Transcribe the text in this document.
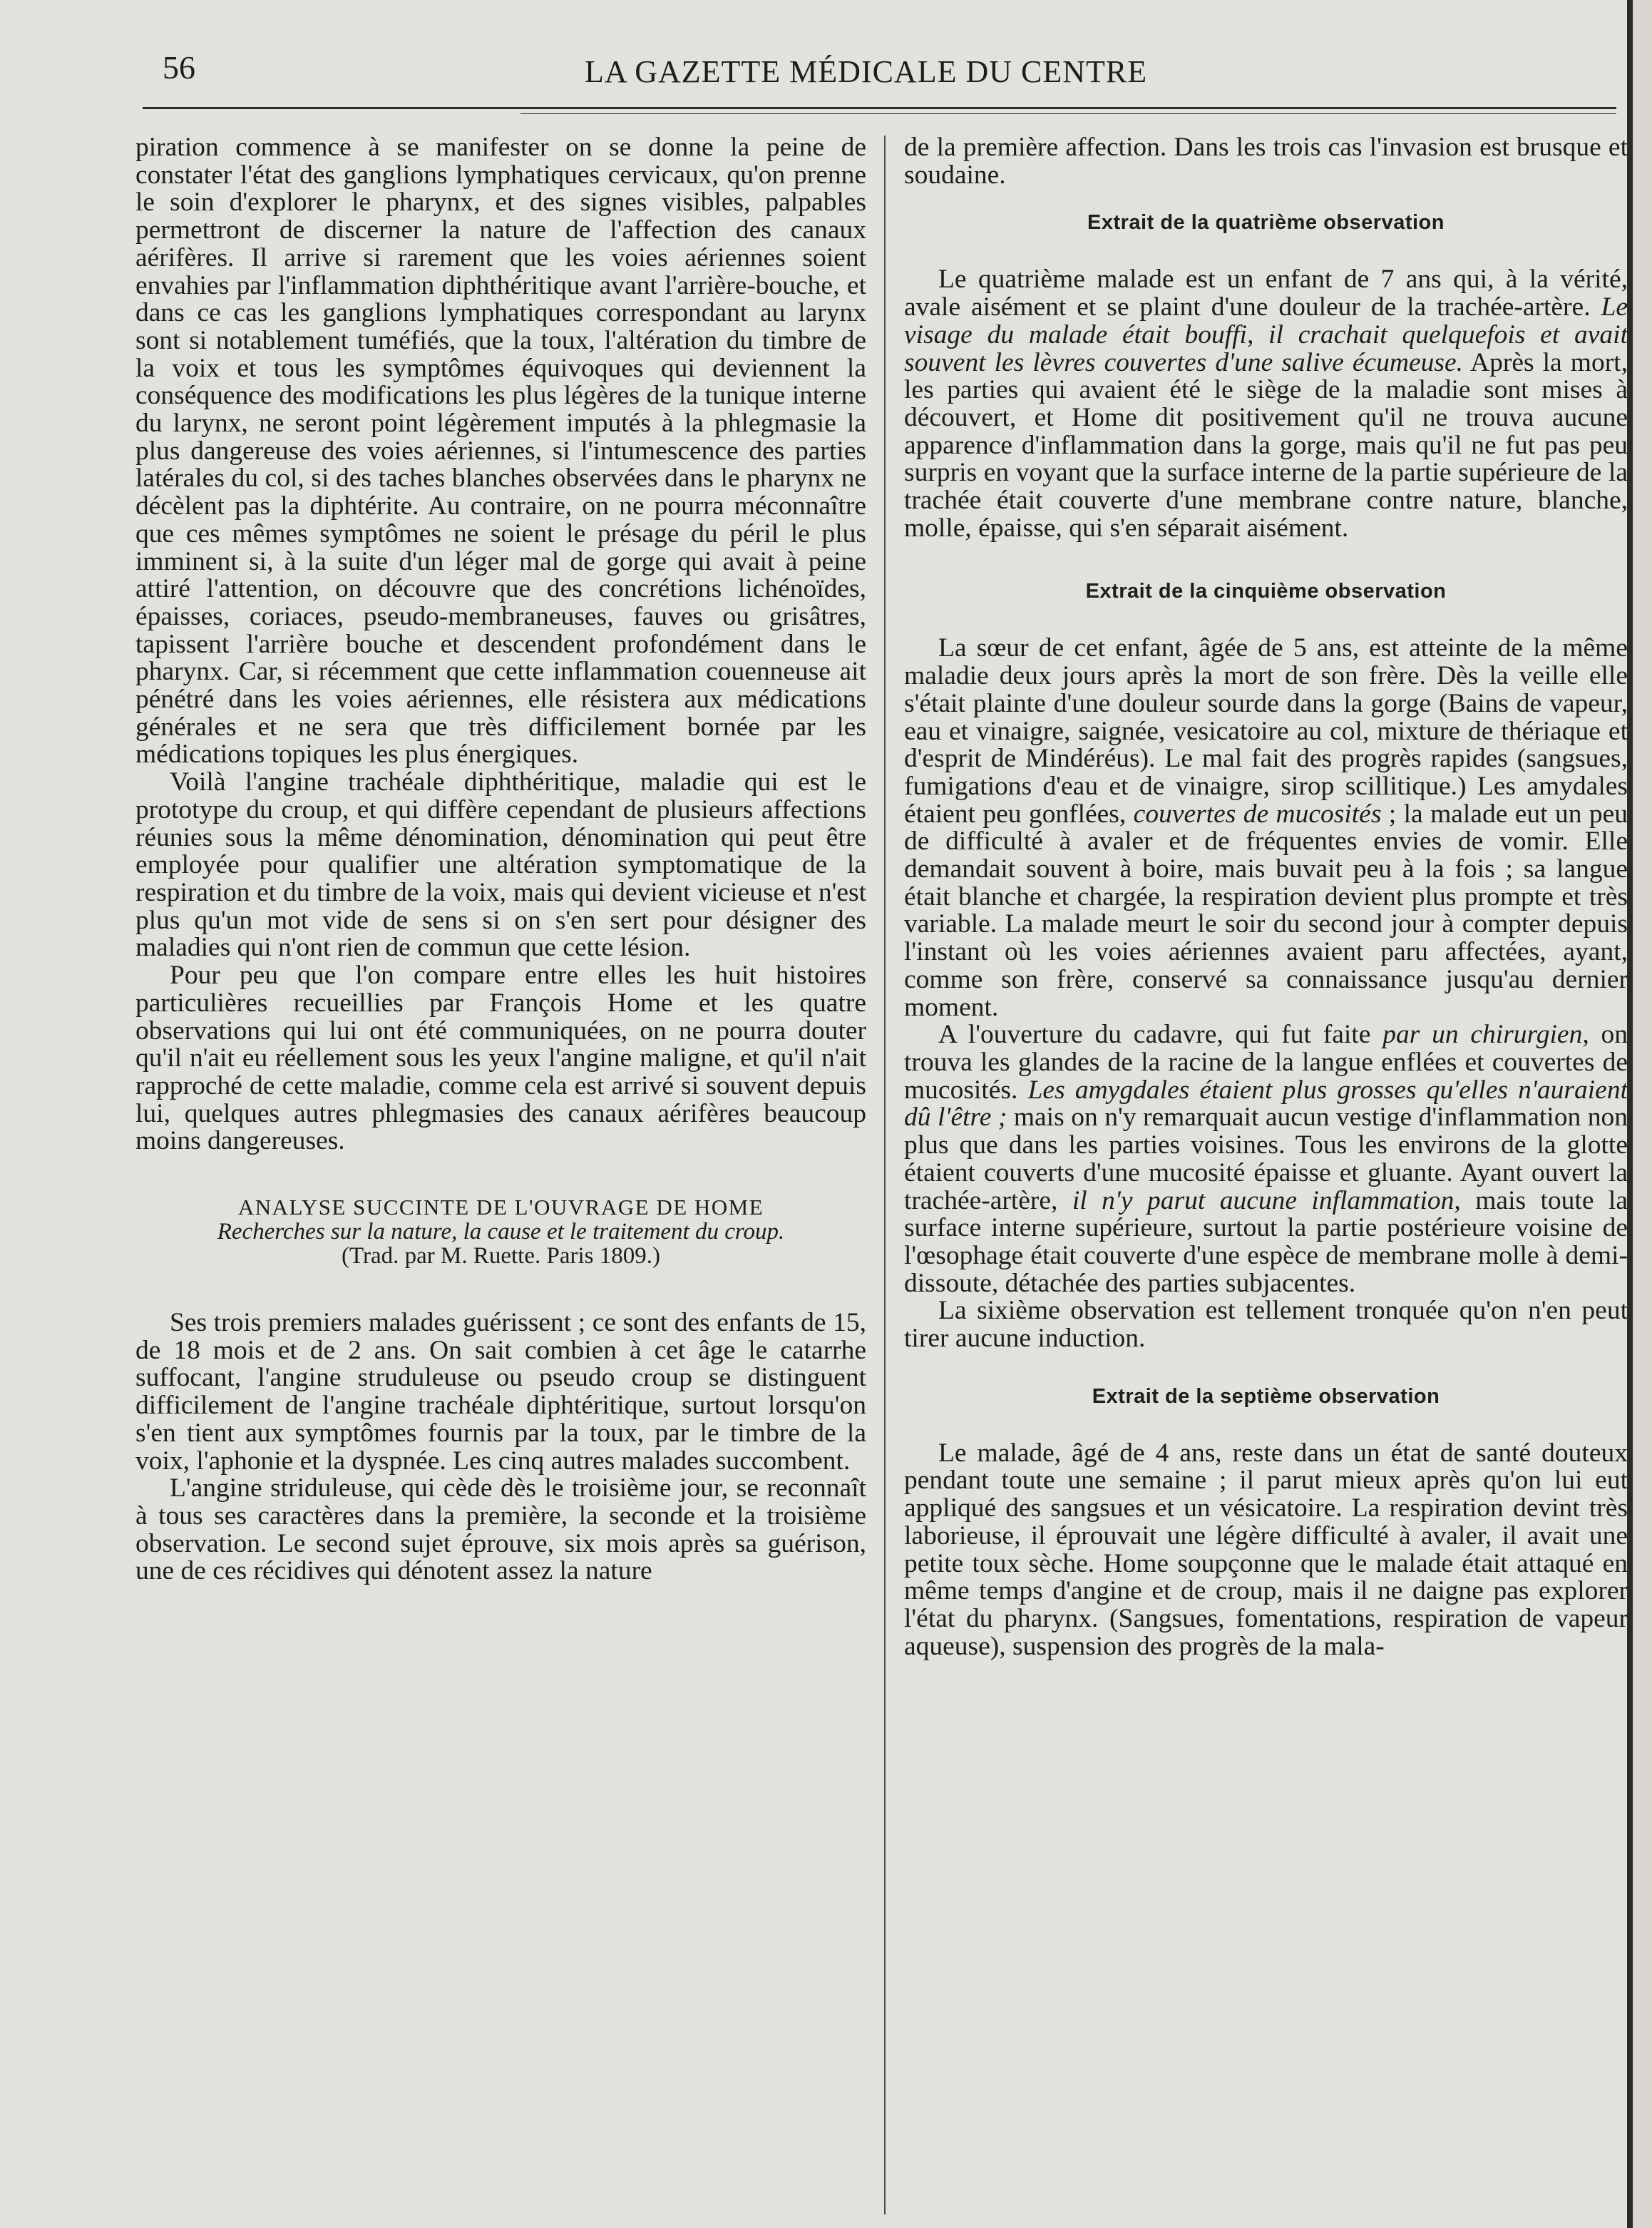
56	LA GAZETTE MÉDICALE DU CENTRE

piration commence à se manifester on se donne la peine de constater l'état des ganglions lymphatiques cervicaux, qu'on prenne le soin d'explorer le pharynx, et des signes visibles, palpables permettront de discerner la nature de l'affection des canaux aérifères. Il arrive si rarement que les voies aériennes soient envahies par l'inflammation diphthéritique avant l'arrière-bouche, et dans ce cas les ganglions lymphatiques correspondant au larynx sont si notablement tuméfiés, que la toux, l'altération du timbre de la voix et tous les symptômes équivoques qui deviennent la conséquence des modifications les plus légères de la tunique interne du larynx, ne seront point légèrement imputés à la phlegmasie la plus dangereuse des voies aériennes, si l'intumescence des parties latérales du col, si des taches blanches observées dans le pharynx ne décèlent pas la diphtérite. Au contraire, on ne pourra méconnaître que ces mêmes symptômes ne soient le présage du péril le plus imminent si, à la suite d'un léger mal de gorge qui avait à peine attiré l'attention, on découvre que des concrétions lichénoïdes, épaisses, coriaces, pseudo-membraneuses, fauves ou grisâtres, tapissent l'arrière bouche et descendent profondément dans le pharynx. Car, si récemment que cette inflammation couenneuse ait pénétré dans les voies aériennes, elle résistera aux médications générales et ne sera que très difficilement bornée par les médications topiques les plus énergiques.

Voilà l'angine trachéale diphthéritique, maladie qui est le prototype du croup, et qui diffère cependant de plusieurs affections réunies sous la même dénomination, dénomination qui peut être employée pour qualifier une altération symptomatique de la respiration et du timbre de la voix, mais qui devient vicieuse et n'est plus qu'un mot vide de sens si on s'en sert pour désigner des maladies qui n'ont rien de commun que cette lésion.

Pour peu que l'on compare entre elles les huit histoires particulières recueillies par François Home et les quatre observations qui lui ont été communiquées, on ne pourra douter qu'il n'ait eu réellement sous les yeux l'angine maligne, et qu'il n'ait rapproché de cette maladie, comme cela est arrivé si souvent depuis lui, quelques autres phlegmasies des canaux aérifères beaucoup moins dangereuses.

ANALYSE SUCCINTE DE L'OUVRAGE DE HOME
Recherches sur la nature, la cause et le traitement du croup.
(Trad. par M. Ruette. Paris 1809.)

Ses trois premiers malades guérissent ; ce sont des enfants de 15, de 18 mois et de 2 ans. On sait combien à cet âge le catarrhe suffocant, l'angine struduleuse ou pseudo croup se distinguent difficilement de l'angine trachéale diphtéritique, surtout lorsqu'on s'en tient aux symptômes fournis par la toux, par le timbre de la voix, l'aphonie et la dyspnée. Les cinq autres malades succombent.

L'angine striduleuse, qui cède dès le troisième jour, se reconnaît à tous ses caractères dans la première, la seconde et la troisième observation. Le second sujet éprouve, six mois après sa guérison, une de ces récidives qui dénotent assez la nature

de la première affection. Dans les trois cas l'invasion est brusque et soudaine.

Extrait de la quatrième observation

Le quatrième malade est un enfant de 7 ans qui, à la vérité, avale aisément et se plaint d'une douleur de la trachée-artère. Le visage du malade était bouffi, il crachait quelquefois et avait souvent les lèvres couvertes d'une salive écumeuse. Après la mort, les parties qui avaient été le siège de la maladie sont mises à découvert, et Home dit positivement qu'il ne trouva aucune apparence d'inflammation dans la gorge, mais qu'il ne fut pas peu surpris en voyant que la surface interne de la partie supérieure de la trachée était couverte d'une membrane contre nature, blanche, molle, épaisse, qui s'en séparait aisément.

Extrait de la cinquième observation

La sœur de cet enfant, âgée de 5 ans, est atteinte de la même maladie deux jours après la mort de son frère. Dès la veille elle s'était plainte d'une douleur sourde dans la gorge (Bains de vapeur, eau et vinaigre, saignée, vesicatoire au col, mixture de thériaque et d'esprit de Mindéréus). Le mal fait des progrès rapides (sangsues, fumigations d'eau et de vinaigre, sirop scillitique.) Les amydales étaient peu gonflées, couvertes de mucosités ; la malade eut un peu de difficulté à avaler et de fréquentes envies de vomir. Elle demandait souvent à boire, mais buvait peu à la fois ; sa langue était blanche et chargée, la respiration devient plus prompte et très variable. La malade meurt le soir du second jour à compter depuis l'instant où les voies aériennes avaient paru affectées, ayant, comme son frère, conservé sa connaissance jusqu'au dernier moment.

A l'ouverture du cadavre, qui fut faite par un chirurgien, on trouva les glandes de la racine de la langue enflées et couvertes de mucosités. Les amygdales étaient plus grosses qu'elles n'auraient dû l'être ; mais on n'y remarquait aucun vestige d'inflammation non plus que dans les parties voisines. Tous les environs de la glotte étaient couverts d'une mucosité épaisse et gluante. Ayant ouvert la trachée-artère, il n'y parut aucune inflammation, mais toute la surface interne supérieure, surtout la partie postérieure voisine de l'œsophage était couverte d'une espèce de membrane molle à demi-dissoute, détachée des parties subjacentes.

La sixième observation est tellement tronquée qu'on n'en peut tirer aucune induction.

Extrait de la septième observation

Le malade, âgé de 4 ans, reste dans un état de santé douteux pendant toute une semaine ; il parut mieux après qu'on lui eut appliqué des sangsues et un vésicatoire. La respiration devint très laborieuse, il éprouvait une légère difficulté à avaler, il avait une petite toux sèche. Home soupçonne que le malade était attaqué en même temps d'angine et de croup, mais il ne daigne pas explorer l'état du pharynx. (Sangsues, fomentations, respiration de vapeur aqueuse), suspension des progrès de la mala-
